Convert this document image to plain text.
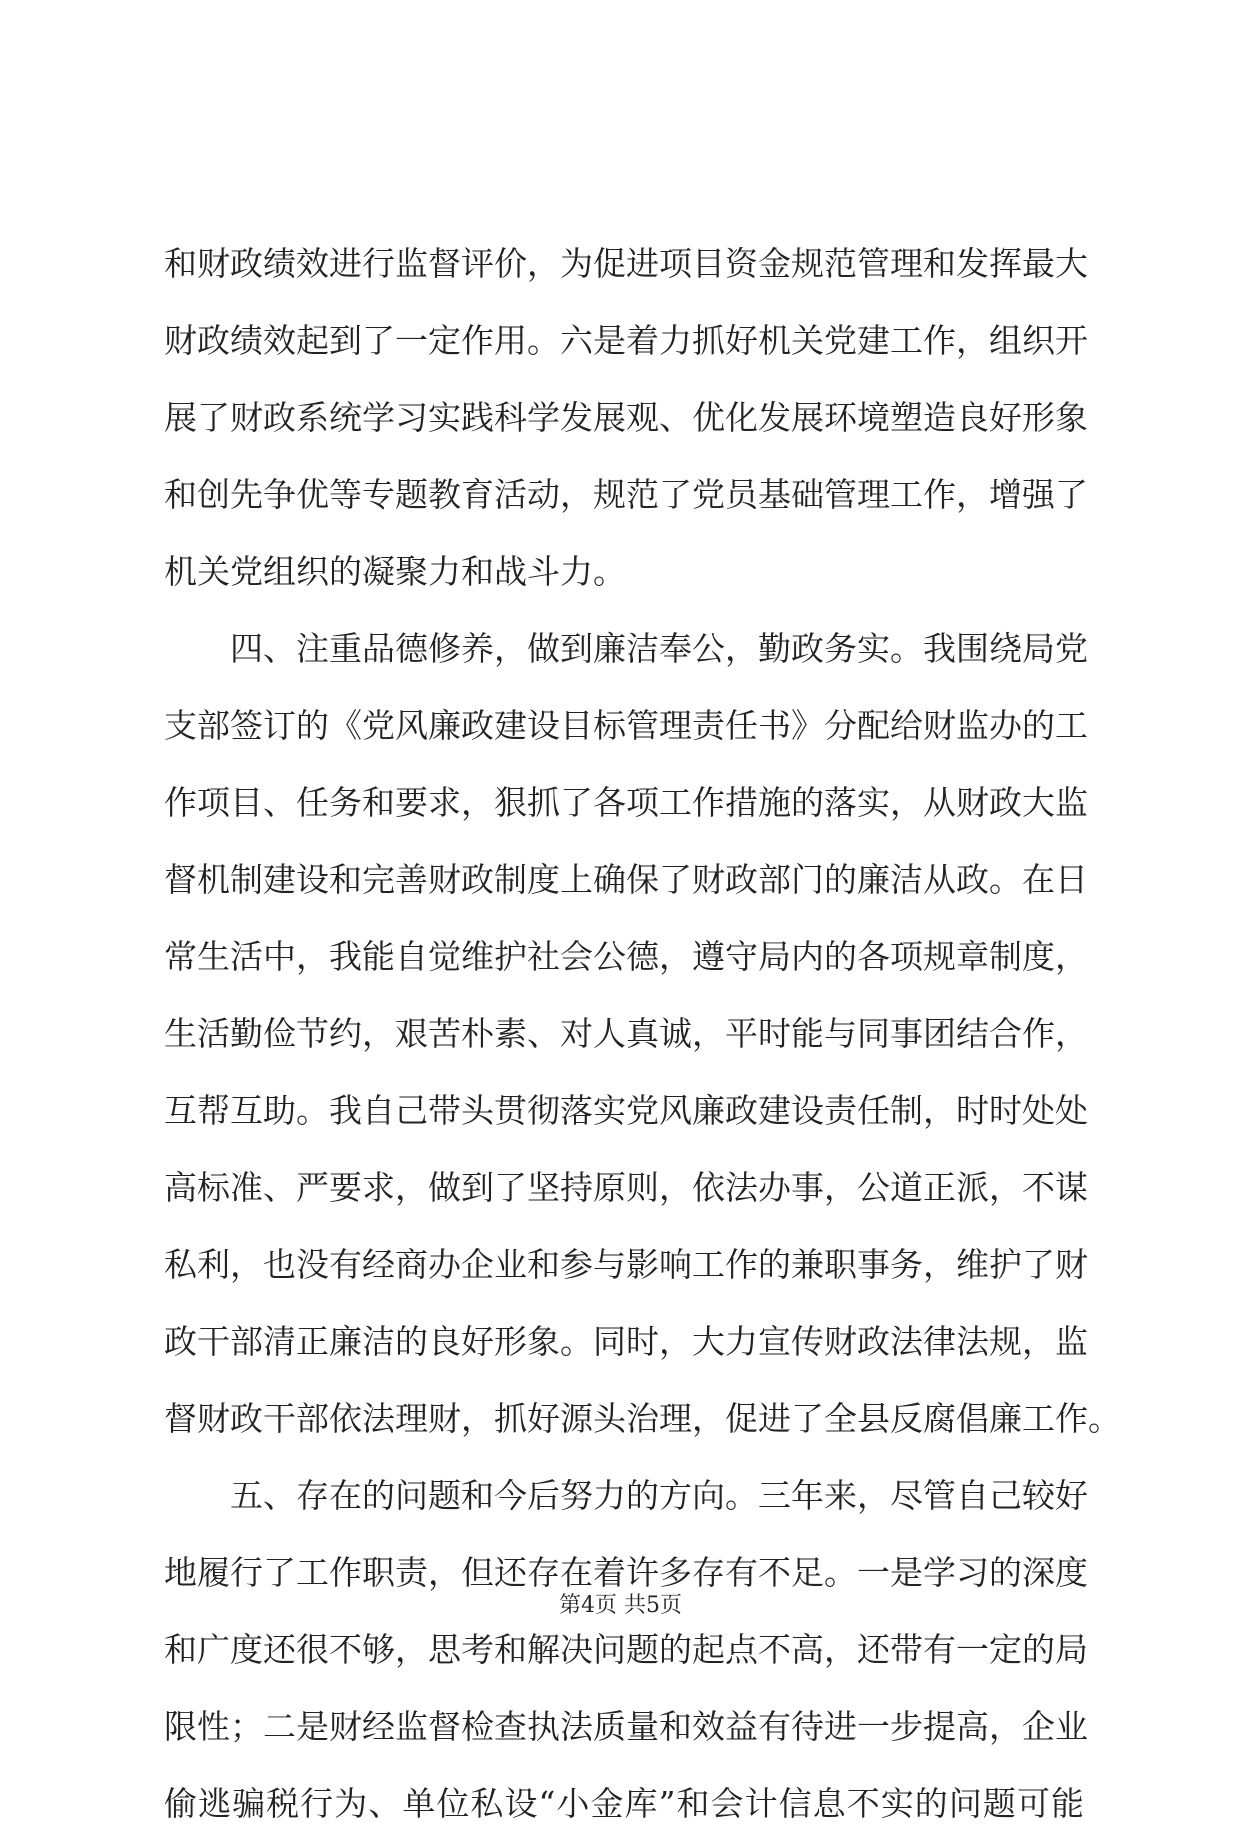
和财政绩效进行监督评价，为促进项目资金规范管理和发挥最大
财政绩效起到了一定作用。六是着力抓好机关党建工作，组织开
展了财政系统学习实践科学发展观、优化发展环境塑造良好形象
和创先争优等专题教育活动，规范了党员基础管理工作，增强了
机关党组织的凝聚力和战斗力。
四、注重品德修养，做到廉洁奉公，勤政务实。我围绕局党
支部签订的《党风廉政建设目标管理责任书》分配给财监办的工
作项目、任务和要求，狠抓了各项工作措施的落实，从财政大监
督机制建设和完善财政制度上确保了财政部门的廉洁从政。在日
常生活中，我能自觉维护社会公德，遵守局内的各项规章制度，
生活勤俭节约，艰苦朴素、对人真诚，平时能与同事团结合作，
互帮互助。我自己带头贯彻落实党风廉政建设责任制，时时处处
高标准、严要求，做到了坚持原则，依法办事，公道正派，不谋
私利，也没有经商办企业和参与影响工作的兼职事务，维护了财
政干部清正廉洁的良好形象。同时，大力宣传财政法律法规，监
督财政干部依法理财，抓好源头治理，促进了全县反腐倡廉工作。
五、存在的问题和今后努力的方向。三年来，尽管自己较好
地履行了工作职责，但还存在着许多存有不足。一是学习的深度
和广度还很不够，思考和解决问题的起点不高，还带有一定的局
限性；二是财经监督检查执法质量和效益有待进一步提高，企业
偷逃骗税行为、单位私设“小金库”和会计信息不实的问题可能
第4页 共5页
